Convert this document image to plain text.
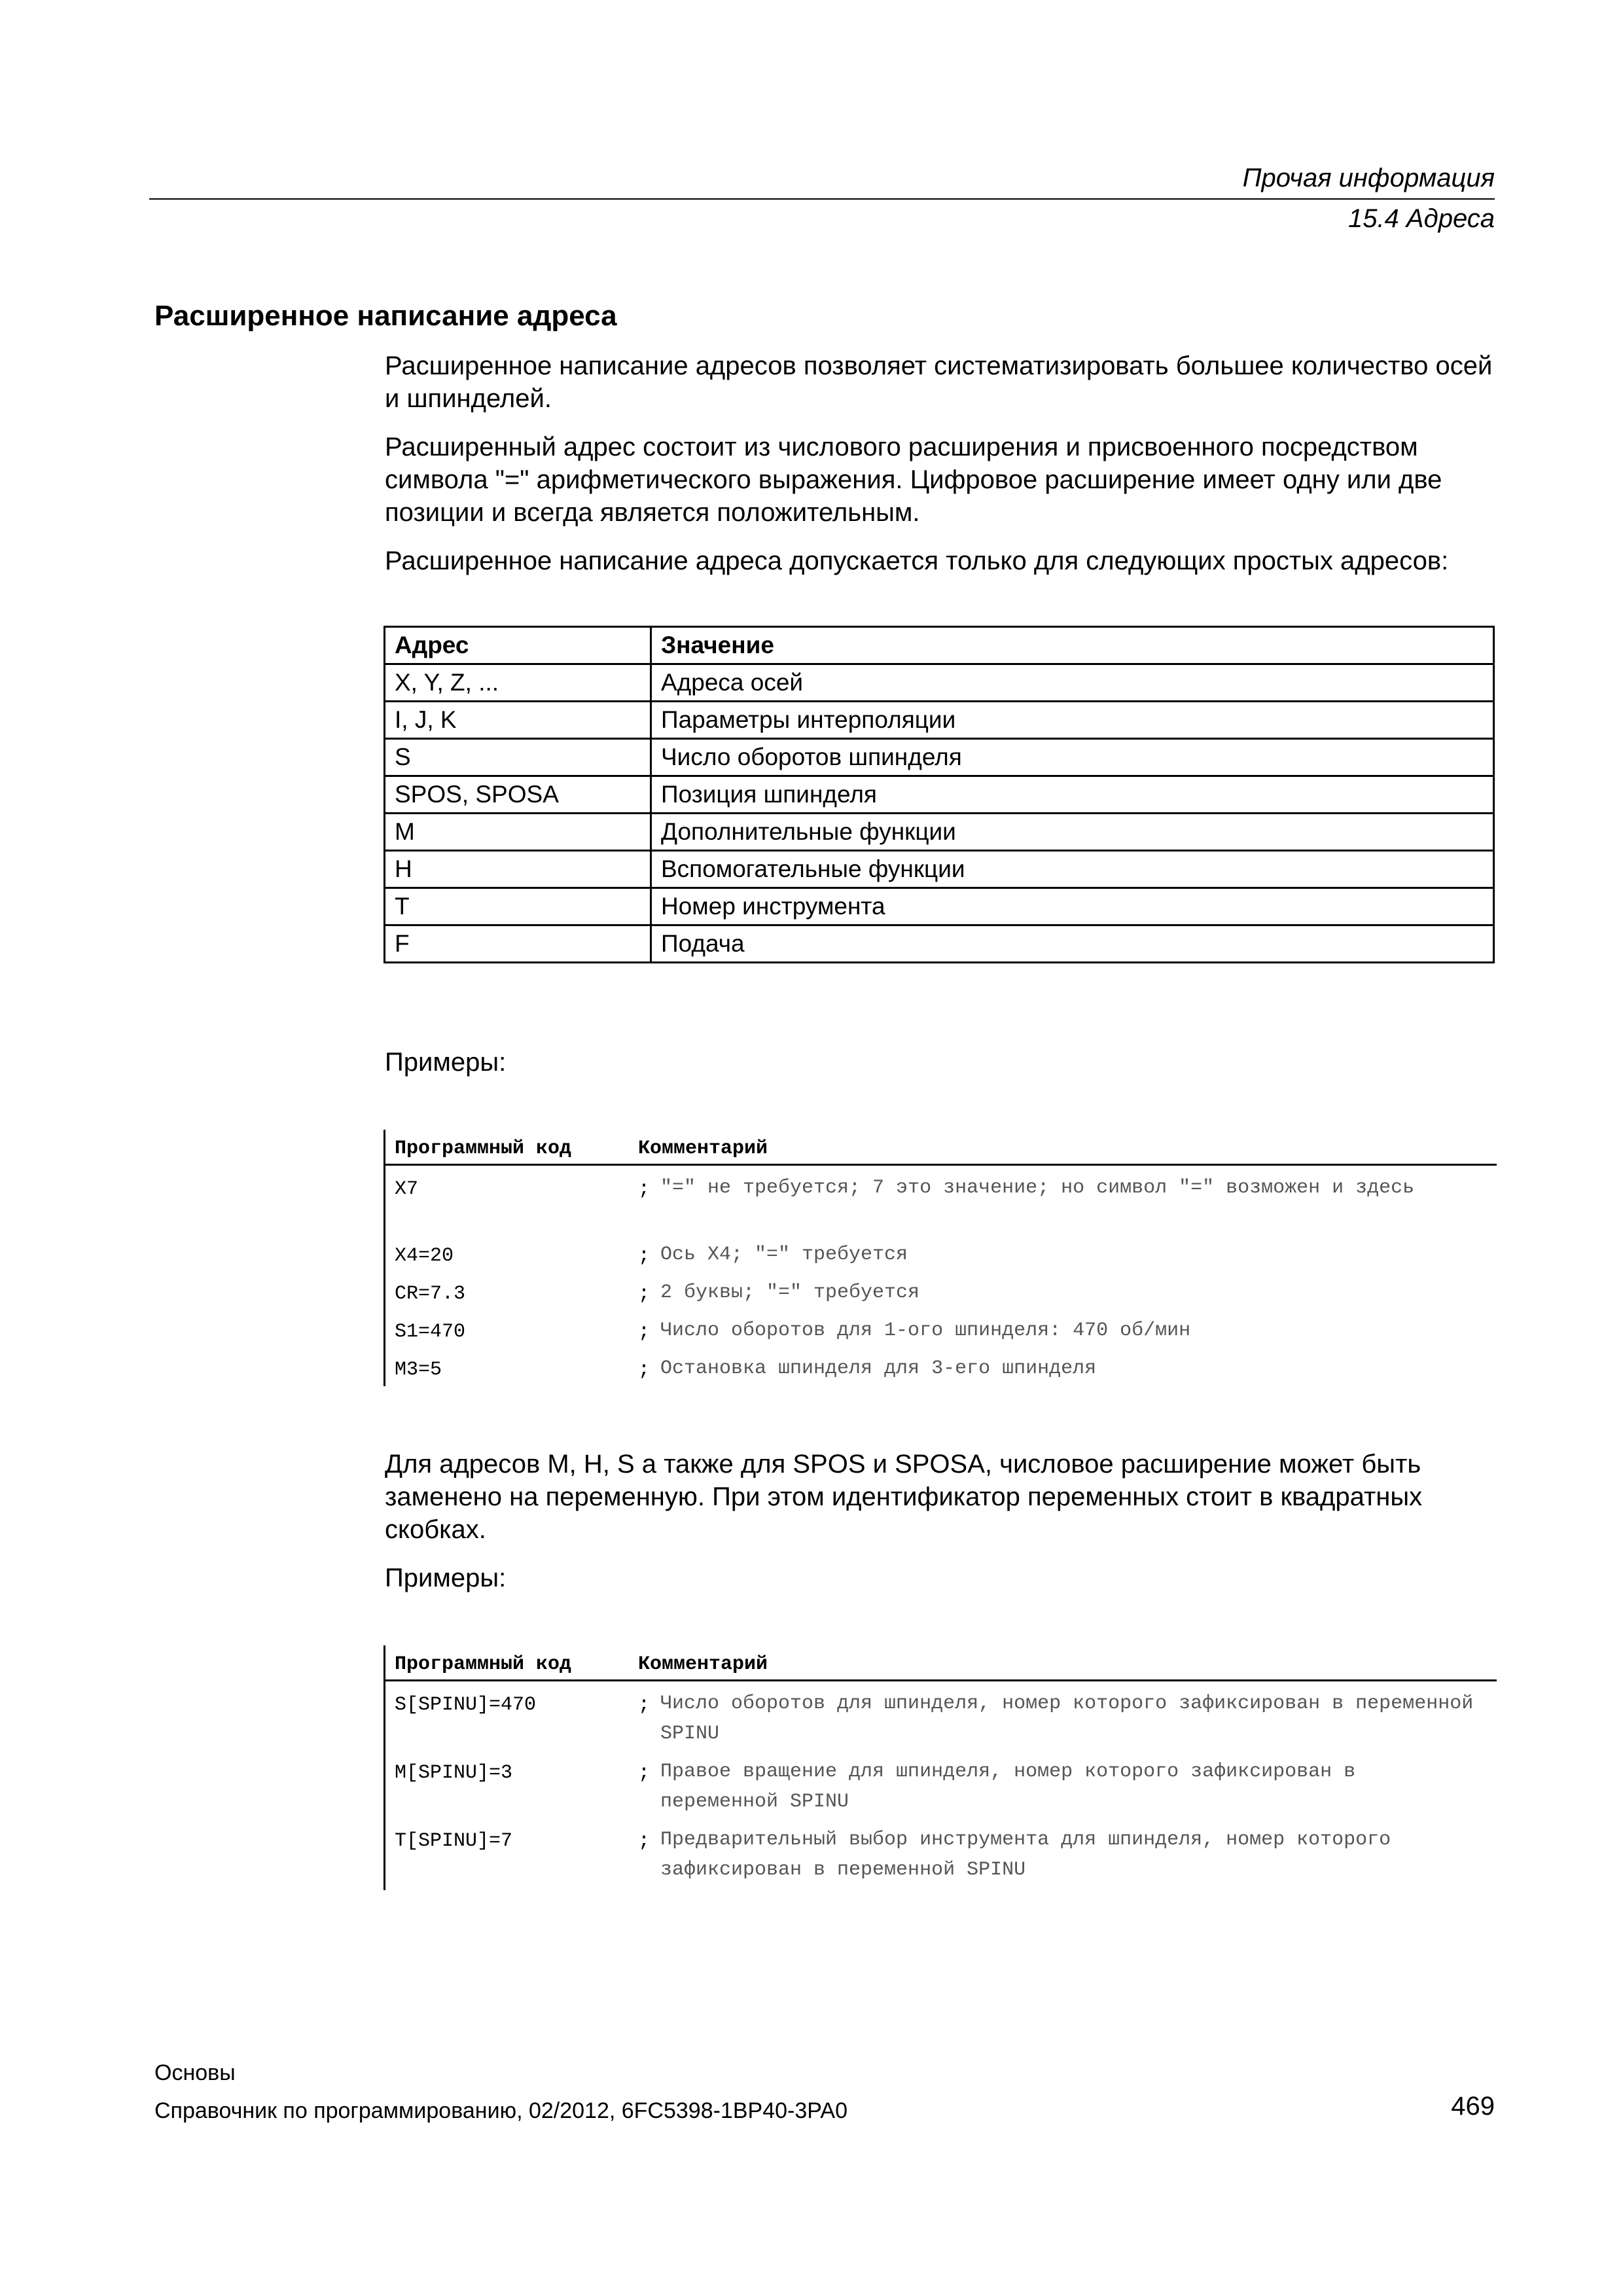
Прочая информация
15.4 Адреса
Расширенное написание адреса

Расширенное написание адресов позволяет систематизировать большее количество осей и шпинделей.

Расширенный адрес состоит из числового расширения и присвоенного посредством символа "=" арифметического выражения. Цифровое расширение имеет одну или две позиции и всегда является положительным.

Расширенное написание адреса допускается только для следующих простых адресов:

Адрес	Значение
X, Y, Z, ...	Адреса осей
I, J, K	Параметры интерполяции
S	Число оборотов шпинделя
SPOS, SPOSA	Позиция шпинделя
M	Дополнительные функции
H	Вспомогательные функции
T	Номер инструмента
F	Подача
Примеры:
Программный код	Комментарий
X7	; "=" не требуется; 7 это значение; но символ "=" возможен и здесь
X4=20	; Ось X4; "=" требуется
CR=7.3	; 2 буквы; "=" требуется
S1=470	; Число оборотов для 1-ого шпинделя: 470 об/мин
M3=5	; Остановка шпинделя для 3-его шпинделя

Для адресов M, H, S а также для SPOS и SPOSA, числовое расширение может быть заменено на переменную. При этом идентификатор переменных стоит в квадратных скобках.

Примеры:
Программный код	Комментарий
S[SPINU]=470	; Число оборотов для шпинделя, номер которого зафиксирован в переменной SPINU
M[SPINU]=3	; Правое вращение для шпинделя, номер которого зафиксирован в переменной SPINU
T[SPINU]=7	; Предварительный выбор инструмента для шпинделя, номер которого зафиксирован в переменной SPINU
Основы
Справочник по программированию, 02/2012, 6FC5398-1BP40-3PA0	469
